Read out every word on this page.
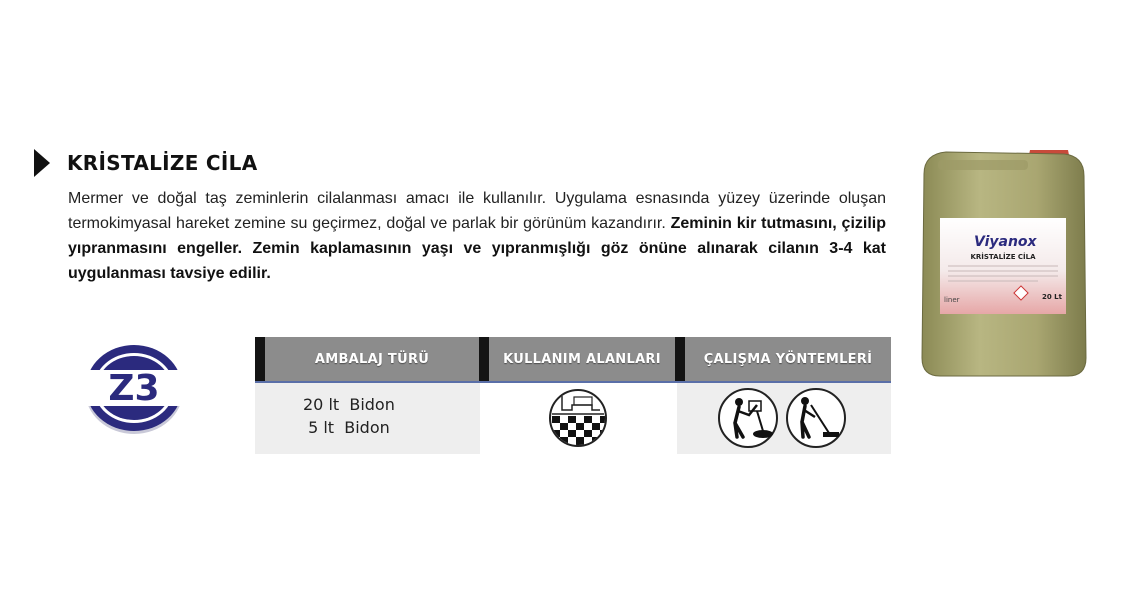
KRİSTALİZE CİLA

Mermer ve doğal taş zeminlerin cilalanması amacı ile kullanılır. Uygulama esnasında yüzey üzerinde oluşan termokimyasal hareket zemine su geçirmez, doğal ve parlak bir görünüm kazandırır. Zeminin kir tutmasını, çizilip yıpranmasını engeller. Zemin kaplamasının yaşı ve yıpranmışlığı göz önüne alınarak cilanın 3-4 kat uygulanması tavsiye edilir.

Z3
AMBALAJ TÜRÜ	KULLANIM ALANLARI	ÇALIŞMA YÖNTEMLERİ
20 lt  Bidon
5 lt  Bidon
Viyanox
KRİSTALİZE CİLA
liner	20 Lt
